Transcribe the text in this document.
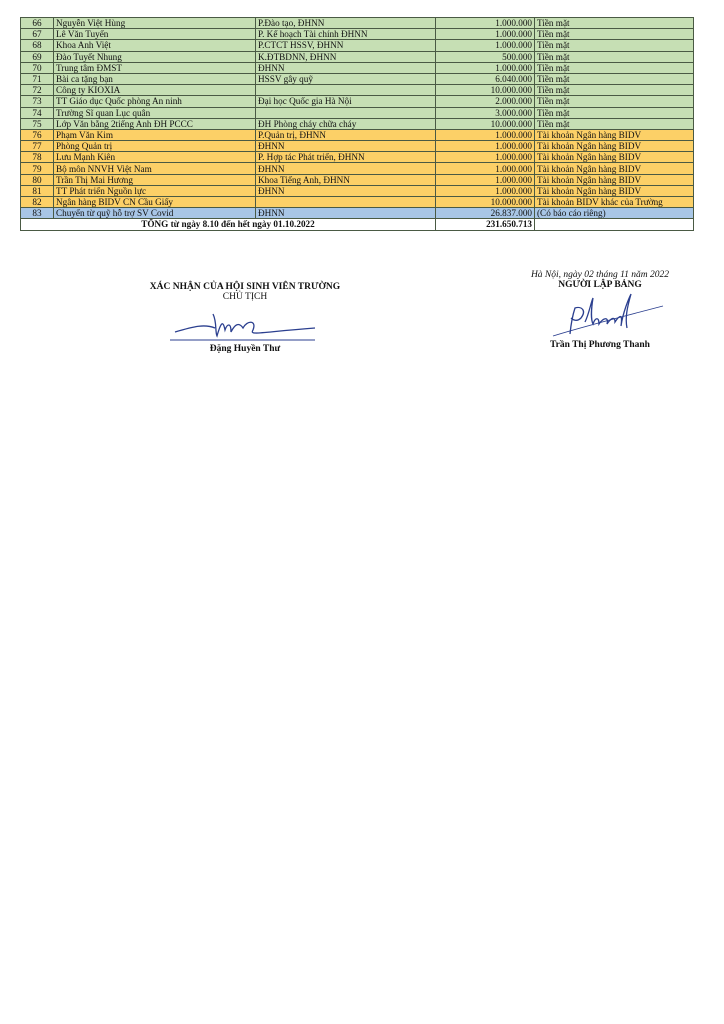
66	Nguyễn Việt Hùng	P.Đào tạo, ĐHNN	1.000.000	Tiền mặt
67	Lê Văn Tuyển	P. Kế hoạch Tài chính ĐHNN	1.000.000	Tiền mặt
68	Khoa Anh Việt	P.CTCT HSSV, ĐHNN	1.000.000	Tiền mặt
69	Đào Tuyết Nhung	K.ĐTBDNN, ĐHNN	500.000	Tiền mặt
70	Trung tâm ĐMST	ĐHNN	1.000.000	Tiền mặt
71	Bài ca tặng bạn	HSSV gây quỹ	6.040.000	Tiền mặt
72	Công ty KIOXIA		10.000.000	Tiền mặt
73	TT Giáo dục Quốc phòng An ninh	Đại học Quốc gia Hà Nội	2.000.000	Tiền mặt
74	Trường Sĩ quan Lục quân		3.000.000	Tiền mặt
75	Lớp Văn bằng 2tiếng Anh ĐH PCCC	ĐH Phòng cháy chữa cháy	10.000.000	Tiền mặt
76	Phạm Văn Kim	P.Quản trị, ĐHNN	1.000.000	Tài khoản Ngân hàng BIDV
77	Phòng Quản trị	ĐHNN	1.000.000	Tài khoản Ngân hàng BIDV
78	Lưu Mạnh Kiên	P. Hợp tác Phát triển, ĐHNN	1.000.000	Tài khoản Ngân hàng BIDV
79	Bộ môn NNVH Việt Nam	ĐHNN	1.000.000	Tài khoản Ngân hàng BIDV
80	Trần Thị Mai Hương	Khoa Tiếng Anh, ĐHNN	1.000.000	Tài khoản Ngân hàng BIDV
81	TT Phát triển Nguồn lực	ĐHNN	1.000.000	Tài khoản Ngân hàng BIDV
82	Ngân hàng BIDV CN Cầu Giấy		10.000.000	Tài khoản BIDV khác của Trường
83	Chuyển từ quỹ hỗ trợ SV Covid	ĐHNN	26.837.000	(Có báo cáo riêng)
TỔNG từ ngày 8.10 đến hết ngày 01.10.2022			231.650.713	
XÁC NHẬN CỦA HỘI SINH VIÊN TRƯỜNG
CHỦ TỊCH
Đặng Huyền Thư
Hà Nội, ngày 02 tháng 11 năm 2022
NGƯỜI LẬP BẢNG
Trần Thị Phương Thanh
